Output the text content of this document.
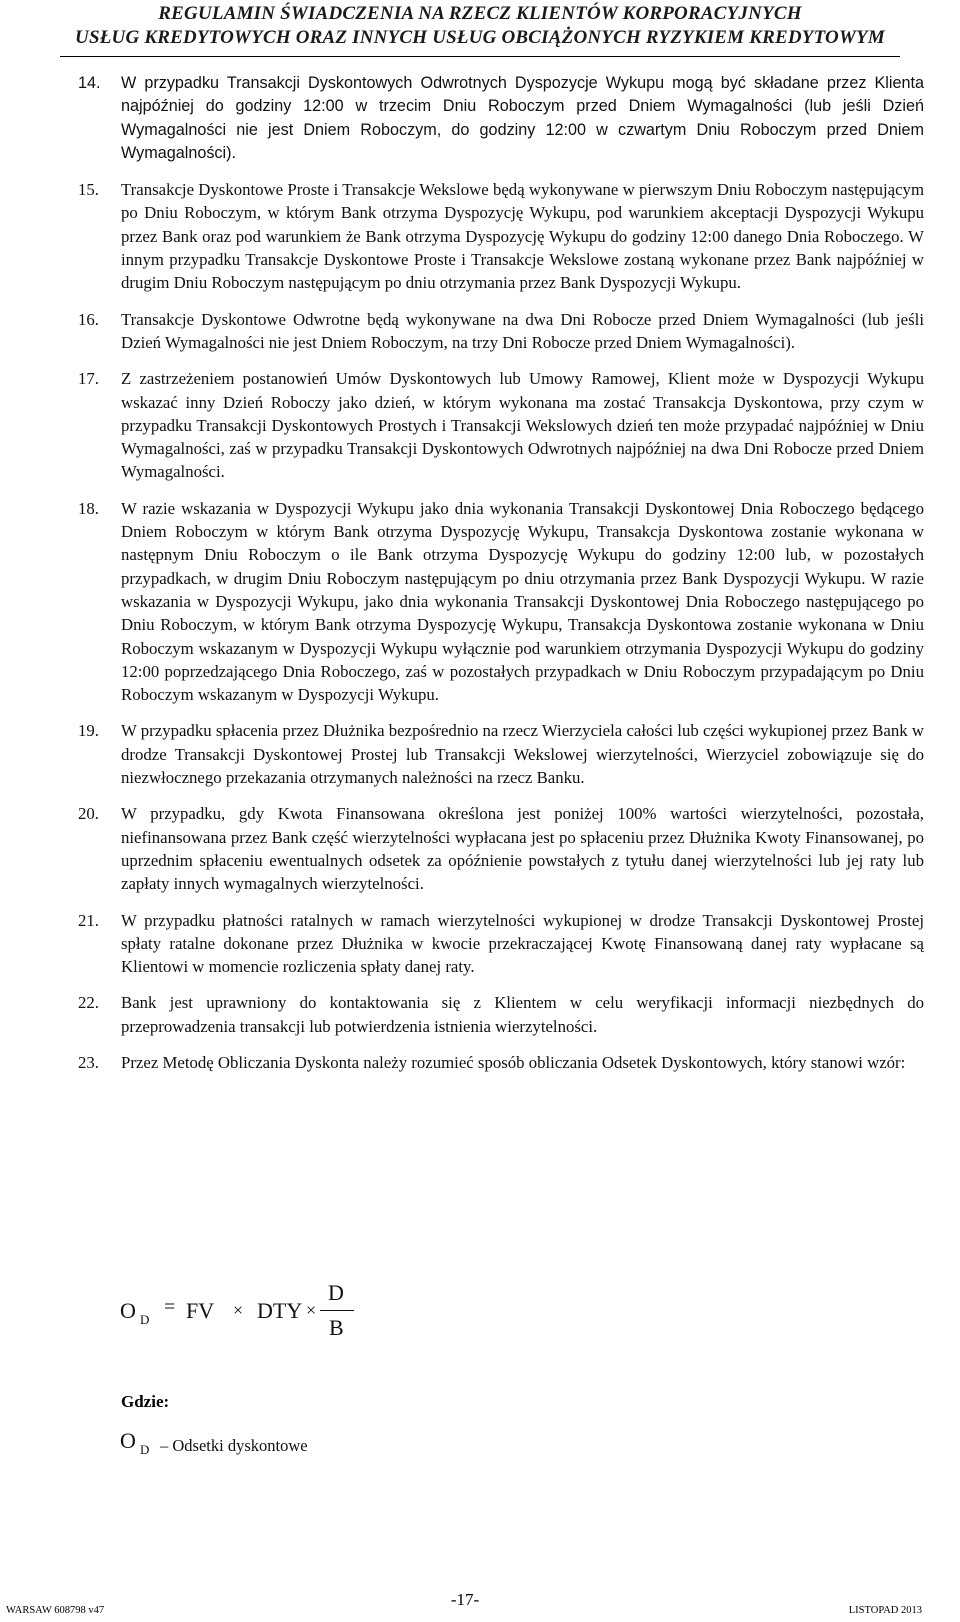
REGULAMIN ŚWIADCZENIA NA RZECZ KLIENTÓW KORPORACYJNYCH
USŁUG KREDYTOWYCH ORAZ INNYCH USŁUG OBCIĄŻONYCH RYZYKIEM KREDYTOWYM
14.	W przypadku Transakcji Dyskontowych Odwrotnych Dyspozycje Wykupu mogą być składane przez Klienta najpóźniej do godziny 12:00 w trzecim Dniu Roboczym przed Dniem Wymagalności (lub jeśli Dzień Wymagalności nie jest Dniem Roboczym, do godziny 12:00 w czwartym Dniu Roboczym przed Dniem Wymagalności).
15.	Transakcje Dyskontowe Proste i Transakcje Wekslowe będą wykonywane w pierwszym Dniu Roboczym następującym po Dniu Roboczym, w którym Bank otrzyma Dyspozycję Wykupu, pod warunkiem akceptacji Dyspozycji Wykupu przez Bank oraz pod warunkiem że Bank otrzyma Dyspozycję Wykupu do godziny 12:00 danego Dnia Roboczego. W innym przypadku Transakcje Dyskontowe Proste i Transakcje Wekslowe zostaną wykonane przez Bank najpóźniej w drugim Dniu Roboczym następującym po dniu otrzymania przez Bank Dyspozycji Wykupu.
16.	Transakcje Dyskontowe Odwrotne będą wykonywane na dwa Dni Robocze przed Dniem Wymagalności (lub jeśli Dzień Wymagalności nie jest Dniem Roboczym, na trzy Dni Robocze przed Dniem Wymagalności).
17.	Z zastrzeżeniem postanowień Umów Dyskontowych lub Umowy Ramowej, Klient może w Dyspozycji Wykupu wskazać inny Dzień Roboczy jako dzień, w którym wykonana ma zostać Transakcja Dyskontowa, przy czym w przypadku Transakcji Dyskontowych Prostych i Transakcji Wekslowych dzień ten może przypadać najpóźniej w Dniu Wymagalności, zaś w przypadku Transakcji Dyskontowych Odwrotnych najpóźniej na dwa Dni Robocze przed Dniem Wymagalności.
18.	W razie wskazania w Dyspozycji Wykupu jako dnia wykonania Transakcji Dyskontowej Dnia Roboczego będącego Dniem Roboczym w którym Bank otrzyma Dyspozycję Wykupu, Transakcja Dyskontowa zostanie wykonana w następnym Dniu Roboczym o ile Bank otrzyma Dyspozycję Wykupu do godziny 12:00 lub, w pozostałych przypadkach, w drugim Dniu Roboczym następującym po dniu otrzymania przez Bank Dyspozycji Wykupu. W razie wskazania w Dyspozycji Wykupu, jako dnia wykonania Transakcji Dyskontowej Dnia Roboczego następującego po Dniu Roboczym, w którym Bank otrzyma Dyspozycję Wykupu, Transakcja Dyskontowa zostanie wykonana w Dniu Roboczym wskazanym w Dyspozycji Wykupu wyłącznie pod warunkiem otrzymania Dyspozycji Wykupu do godziny 12:00 poprzedzającego Dnia Roboczego, zaś w pozostałych przypadkach w Dniu Roboczym przypadającym po Dniu Roboczym wskazanym w Dyspozycji Wykupu.
19.	W przypadku spłacenia przez Dłużnika bezpośrednio na rzecz Wierzyciela całości lub części wykupionej przez Bank w drodze Transakcji Dyskontowej Prostej lub Transakcji Wekslowej wierzytelności, Wierzyciel zobowiązuje się do niezwłocznego przekazania otrzymanych należności na rzecz Banku.
20.	W przypadku, gdy Kwota Finansowana określona jest poniżej 100% wartości wierzytelności, pozostała, niefinansowana przez Bank część wierzytelności wypłacana jest po spłaceniu przez Dłużnika Kwoty Finansowanej, po uprzednim spłaceniu ewentualnych odsetek za opóźnienie powstałych z tytułu danej wierzytelności lub jej raty lub zapłaty innych wymagalnych wierzytelności.
21.	W przypadku płatności ratalnych w ramach wierzytelności wykupionej w drodze Transakcji Dyskontowej Prostej spłaty ratalne dokonane przez Dłużnika w kwocie przekraczającej Kwotę Finansowaną danej raty wypłacane są Klientowi w momencie rozliczenia spłaty danej raty.
22.	Bank jest uprawniony do kontaktowania się z Klientem w celu weryfikacji informacji niezbędnych do przeprowadzenia transakcji lub potwierdzenia istnienia wierzytelności.
23.	Przez Metodę Obliczania Dyskonta należy rozumieć sposób obliczania Odsetek Dyskontowych, który stanowi wzór:
O D
= FV × DTY ×
D
B
Gdzie:
O D – Odsetki dyskontowe
WARSAW 608798 v47
-17-
LISTOPAD 2013
